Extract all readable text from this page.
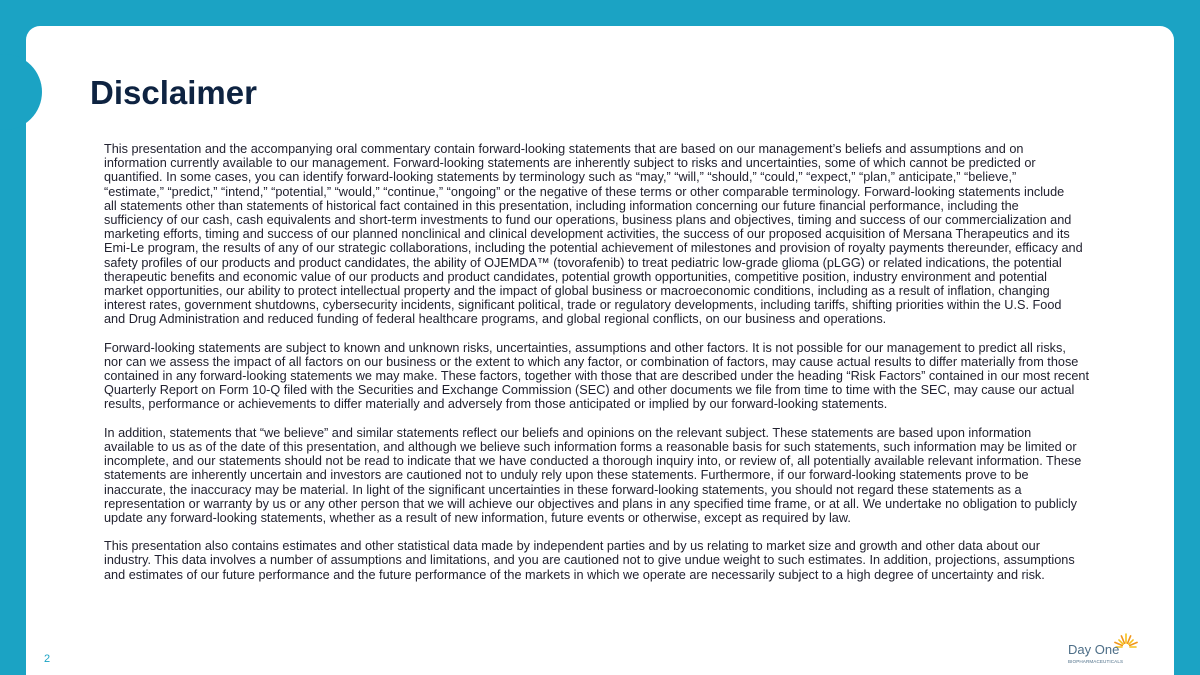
Disclaimer
This presentation and the accompanying oral commentary contain forward-looking statements that are based on our management’s beliefs and assumptions and on
information currently available to our management. Forward-looking statements are inherently subject to risks and uncertainties, some of which cannot be predicted or
quantified. In some cases, you can identify forward-looking statements by terminology such as “may,” “will,” “should,” “could,” “expect,” “plan,” anticipate,” “believe,”
“estimate,” “predict,” “intend,” “potential,” “would,” “continue,” “ongoing” or the negative of these terms or other comparable terminology. Forward-looking statements include
all statements other than statements of historical fact contained in this presentation, including information concerning our future financial performance, including the
sufficiency of our cash, cash equivalents and short-term investments to fund our operations, business plans and objectives, timing and success of our commercialization and
marketing efforts, timing and success of our planned nonclinical and clinical development activities, the success of our proposed acquisition of Mersana Therapeutics and its
Emi-Le program, the results of any of our strategic collaborations, including the potential achievement of milestones and provision of royalty payments thereunder, efficacy and
safety profiles of our products and product candidates, the ability of OJEMDA™ (tovorafenib) to treat pediatric low-grade glioma (pLGG) or related indications, the potential
therapeutic benefits and economic value of our products and product candidates, potential growth opportunities, competitive position, industry environment and potential
market opportunities, our ability to protect intellectual property and the impact of global business or macroeconomic conditions, including as a result of inflation, changing
interest rates, government shutdowns, cybersecurity incidents, significant political, trade or regulatory developments, including tariffs, shifting priorities within the U.S. Food
and Drug Administration and reduced funding of federal healthcare programs, and global regional conflicts, on our business and operations.
Forward-looking statements are subject to known and unknown risks, uncertainties, assumptions and other factors. It is not possible for our management to predict all risks,
nor can we assess the impact of all factors on our business or the extent to which any factor, or combination of factors, may cause actual results to differ materially from those
contained in any forward-looking statements we may make. These factors, together with those that are described under the heading “Risk Factors” contained in our most recent
Quarterly Report on Form 10-Q filed with the Securities and Exchange Commission (SEC) and other documents we file from time to time with the SEC, may cause our actual
results, performance or achievements to differ materially and adversely from those anticipated or implied by our forward-looking statements.
In addition, statements that “we believe” and similar statements reflect our beliefs and opinions on the relevant subject. These statements are based upon information
available to us as of the date of this presentation, and although we believe such information forms a reasonable basis for such statements, such information may be limited or
incomplete, and our statements should not be read to indicate that we have conducted a thorough inquiry into, or review of, all potentially available relevant information. These
statements are inherently uncertain and investors are cautioned not to unduly rely upon these statements. Furthermore, if our forward-looking statements prove to be
inaccurate, the inaccuracy may be material. In light of the significant uncertainties in these forward-looking statements, you should not regard these statements as a
representation or warranty by us or any other person that we will achieve our objectives and plans in any specified time frame, or at all. We undertake no obligation to publicly
update any forward-looking statements, whether as a result of new information, future events or otherwise, except as required by law.
This presentation also contains estimates and other statistical data made by independent parties and by us relating to market size and growth and other data about our
industry. This data involves a number of assumptions and limitations, and you are cautioned not to give undue weight to such estimates. In addition, projections, assumptions
and estimates of our future performance and the future performance of the markets in which we operate are necessarily subject to a high degree of uncertainty and risk.
2
Day One
BIOPHARMACEUTICALS
